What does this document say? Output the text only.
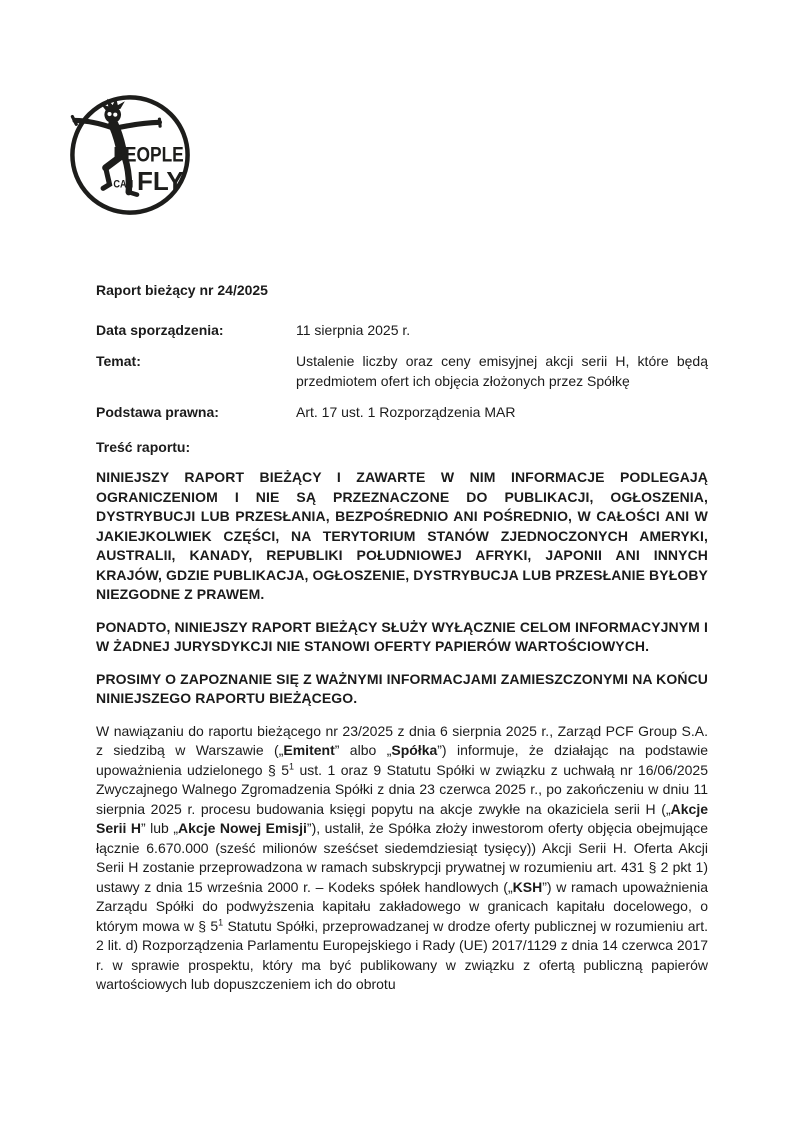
PEOPLE
CAN FLY
Raport bieżący nr 24/2025
Data sporządzenia:	11 sierpnia 2025 r.
Temat:	Ustalenie liczby oraz ceny emisyjnej akcji serii H, które będą przedmiotem ofert ich objęcia złożonych przez Spółkę
Podstawa prawna:	Art. 17 ust. 1 Rozporządzenia MAR
Treść raportu:

NINIEJSZY RAPORT BIEŻĄCY I ZAWARTE W NIM INFORMACJE PODLEGAJĄ OGRANICZENIOM I NIE SĄ PRZEZNACZONE DO PUBLIKACJI, OGŁOSZENIA, DYSTRYBUCJI LUB PRZESŁANIA, BEZPOŚREDNIO ANI POŚREDNIO, W CAŁOŚCI ANI W JAKIEJKOLWIEK CZĘŚCI, NA TERYTORIUM STANÓW ZJEDNOCZONYCH AMERYKI, AUSTRALII, KANADY, REPUBLIKI POŁUDNIOWEJ AFRYKI, JAPONII ANI INNYCH KRAJÓW, GDZIE PUBLIKACJA, OGŁOSZENIE, DYSTRYBUCJA LUB PRZESŁANIE BYŁOBY NIEZGODNE Z PRAWEM.

PONADTO, NINIEJSZY RAPORT BIEŻĄCY SŁUŻY WYŁĄCZNIE CELOM INFORMACYJNYM I W ŻADNEJ JURYSDYKCJI NIE STANOWI OFERTY PAPIERÓW WARTOŚCIOWYCH.

PROSIMY O ZAPOZNANIE SIĘ Z WAŻNYMI INFORMACJAMI ZAMIESZCZONYMI NA KOŃCU NINIEJSZEGO RAPORTU BIEŻĄCEGO.

W nawiązaniu do raportu bieżącego nr 23/2025 z dnia 6 sierpnia 2025 r., Zarząd PCF Group S.A. z siedzibą w Warszawie („Emitent” albo „Spółka”) informuje, że działając na podstawie upoważnienia udzielonego § $5^1$ ust. 1 oraz 9 Statutu Spółki w związku z uchwałą nr 16/06/2025 Zwyczajnego Walnego Zgromadzenia Spółki z dnia 23 czerwca 2025 r., po zakończeniu w dniu 11 sierpnia 2025 r. procesu budowania księgi popytu na akcje zwykłe na okaziciela serii H („Akcje Serii H” lub „Akcje Nowej Emisji”), ustalił, że Spółka złoży inwestorom oferty objęcia obejmujące łącznie 6.670.000 (sześć milionów sześćset siedemdziesiąt tysięcy)) Akcji Serii H. Oferta Akcji Serii H zostanie przeprowadzona w ramach subskrypcji prywatnej w rozumieniu art. 431 § 2 pkt 1) ustawy z dnia 15 września 2000 r. – Kodeks spółek handlowych („KSH”) w ramach upoważnienia Zarządu Spółki do podwyższenia kapitału zakładowego w granicach kapitału docelowego, o którym mowa w § $5^1$ Statutu Spółki, przeprowadzanej w drodze oferty publicznej w rozumieniu art. 2 lit. d) Rozporządzenia Parlamentu Europejskiego i Rady (UE) 2017/1129 z dnia 14 czerwca 2017 r. w sprawie prospektu, który ma być publikowany w związku z ofertą publiczną papierów wartościowych lub dopuszczeniem ich do obrotu
